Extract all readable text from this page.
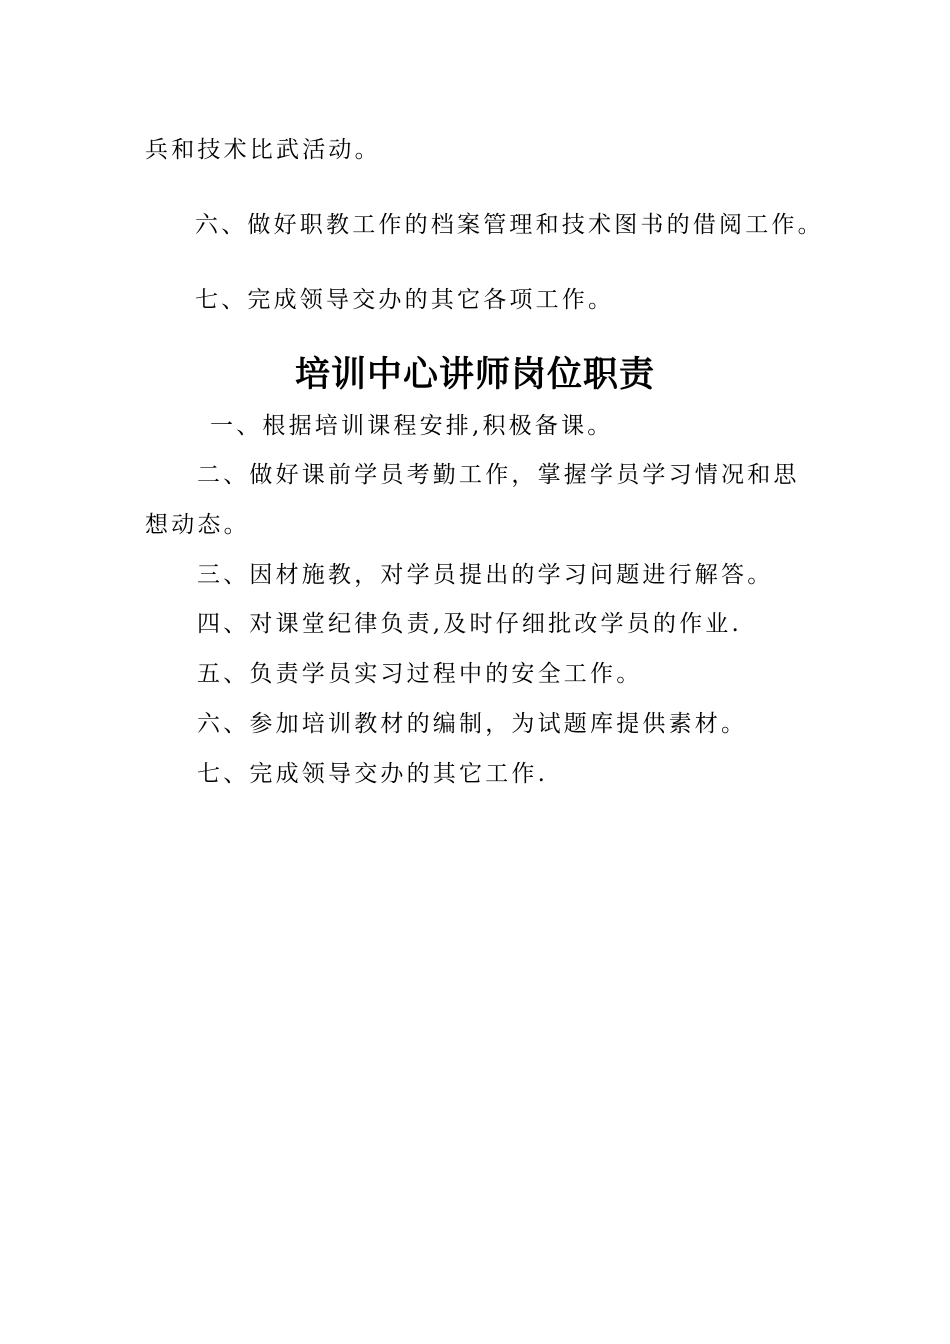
兵和技术比武活动。
六、做好职教工作的档案管理和技术图书的借阅工作。
七、完成领导交办的其它各项工作。
培训中心讲师岗位职责
一、根据培训课程安排,积极备课。
二、做好课前学员考勤工作，掌握学员学习情况和思
想动态。
三、因材施教，对学员提出的学习问题进行解答。
四、对课堂纪律负责,及时仔细批改学员的作业.
五、负责学员实习过程中的安全工作。
六、参加培训教材的编制，为试题库提供素材。
七、完成领导交办的其它工作.
